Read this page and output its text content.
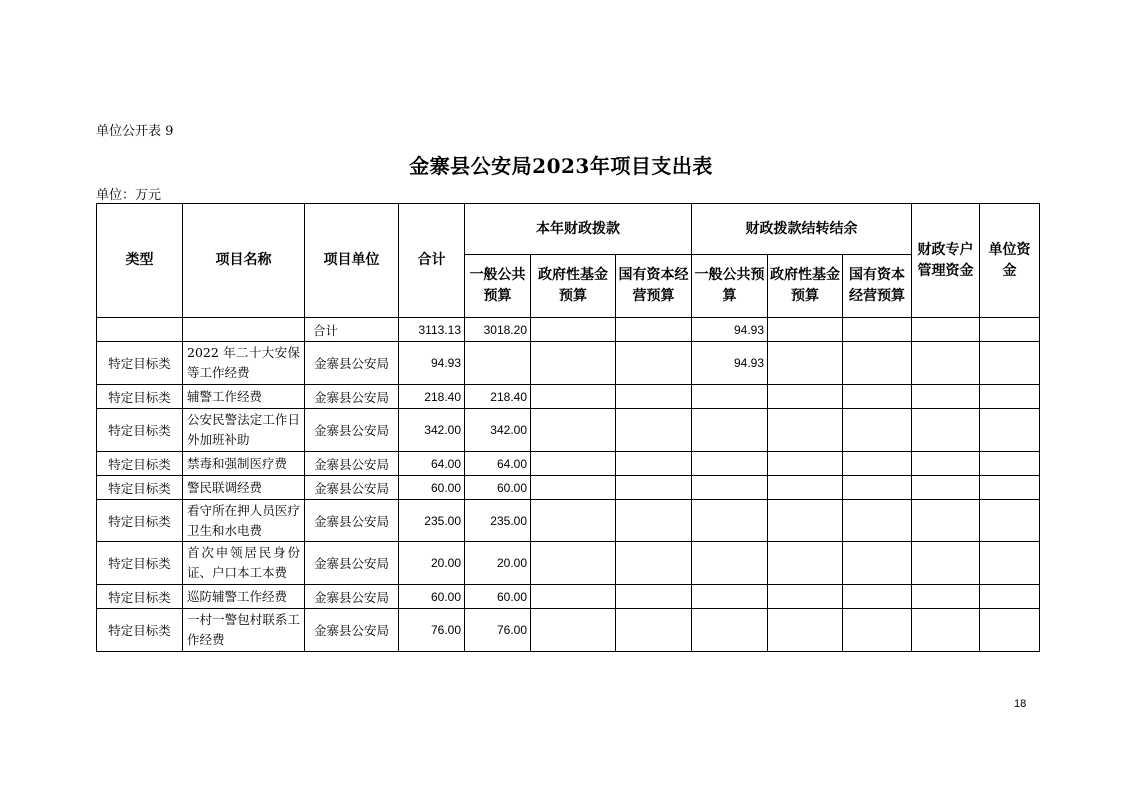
单位公开表 9
金寨县公安局2023年项目支出表
单位：万元
类型	项目名称	项目单位	合计	本年财政拨款			财政拨款结转结余			财政专户管理资金	单位资金
				一般公共预算	政府性基金预算	国有资本经营预算	一般公共预算	政府性基金预算	国有资本经营预算		
		合计	3113.13	3018.20			94.93				
特定目标类	2022 年二十大安保等工作经费	金寨县公安局	94.93				94.93				
特定目标类	辅警工作经费	金寨县公安局	218.40	218.40							
特定目标类	公安民警法定工作日外加班补助	金寨县公安局	342.00	342.00							
特定目标类	禁毒和强制医疗费	金寨县公安局	64.00	64.00							
特定目标类	警民联调经费	金寨县公安局	60.00	60.00							
特定目标类	看守所在押人员医疗卫生和水电费	金寨县公安局	235.00	235.00							
特定目标类	首次申领居民身份证、户口本工本费	金寨县公安局	20.00	20.00							
特定目标类	巡防辅警工作经费	金寨县公安局	60.00	60.00							
特定目标类	一村一警包村联系工作经费	金寨县公安局	76.00	76.00							
18
